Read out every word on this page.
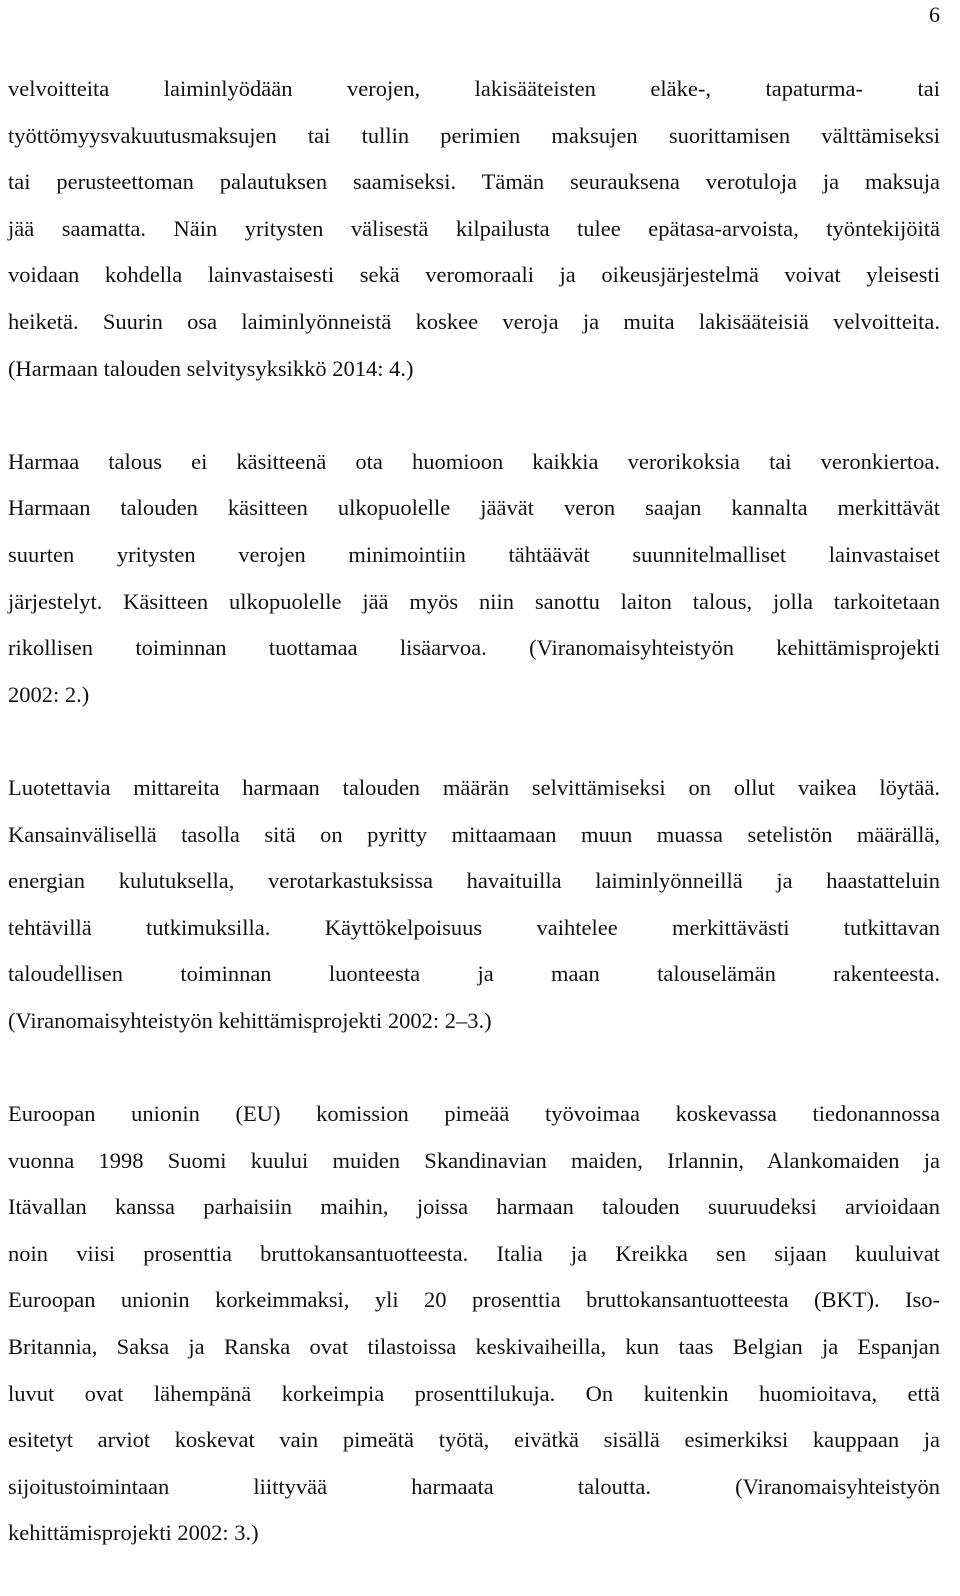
6
velvoitteita laiminlyödään verojen, lakisääteisten eläke-, tapaturma- tai
työttömyysvakuutusmaksujen tai tullin perimien maksujen suorittamisen välttämiseksi
tai perusteettoman palautuksen saamiseksi. Tämän seurauksena verotuloja ja maksuja
jää saamatta. Näin yritysten välisestä kilpailusta tulee epätasa-arvoista, työntekijöitä
voidaan kohdella lainvastaisesti sekä veromoraali ja oikeusjärjestelmä voivat yleisesti
heiketä. Suurin osa laiminlyönneistä koskee veroja ja muita lakisääteisiä velvoitteita.
(Harmaan talouden selvitysyksikkö 2014: 4.)
Harmaa talous ei käsitteenä ota huomioon kaikkia verorikoksia tai veronkiertoa.
Harmaan talouden käsitteen ulkopuolelle jäävät veron saajan kannalta merkittävät
suurten yritysten verojen minimointiin tähtäävät suunnitelmalliset lainvastaiset
järjestelyt. Käsitteen ulkopuolelle jää myös niin sanottu laiton talous, jolla tarkoitetaan
rikollisen toiminnan tuottamaa lisäarvoa. (Viranomaisyhteistyön kehittämisprojekti
2002: 2.)
Luotettavia mittareita harmaan talouden määrän selvittämiseksi on ollut vaikea löytää.
Kansainvälisellä tasolla sitä on pyritty mittaamaan muun muassa setelistön määrällä,
energian kulutuksella, verotarkastuksissa havaituilla laiminlyönneillä ja haastatteluin
tehtävillä tutkimuksilla. Käyttökelpoisuus vaihtelee merkittävästi tutkittavan
taloudellisen toiminnan luonteesta ja maan talouselämän rakenteesta.
(Viranomaisyhteistyön kehittämisprojekti 2002: 2–3.)
Euroopan unionin (EU) komission pimeää työvoimaa koskevassa tiedonannossa
vuonna 1998 Suomi kuului muiden Skandinavian maiden, Irlannin, Alankomaiden ja
Itävallan kanssa parhaisiin maihin, joissa harmaan talouden suuruudeksi arvioidaan
noin viisi prosenttia bruttokansantuotteesta. Italia ja Kreikka sen sijaan kuuluivat
Euroopan unionin korkeimmaksi, yli 20 prosenttia bruttokansantuotteesta (BKT). Iso-
Britannia, Saksa ja Ranska ovat tilastoissa keskivaiheilla, kun taas Belgian ja Espanjan
luvut ovat lähempänä korkeimpia prosenttilukuja. On kuitenkin huomioitava, että
esitetyt arviot koskevat vain pimeätä työtä, eivätkä sisällä esimerkiksi kauppaan ja
sijoitustoimintaan liittyvää harmaata taloutta. (Viranomaisyhteistyön
kehittämisprojekti 2002: 3.)
